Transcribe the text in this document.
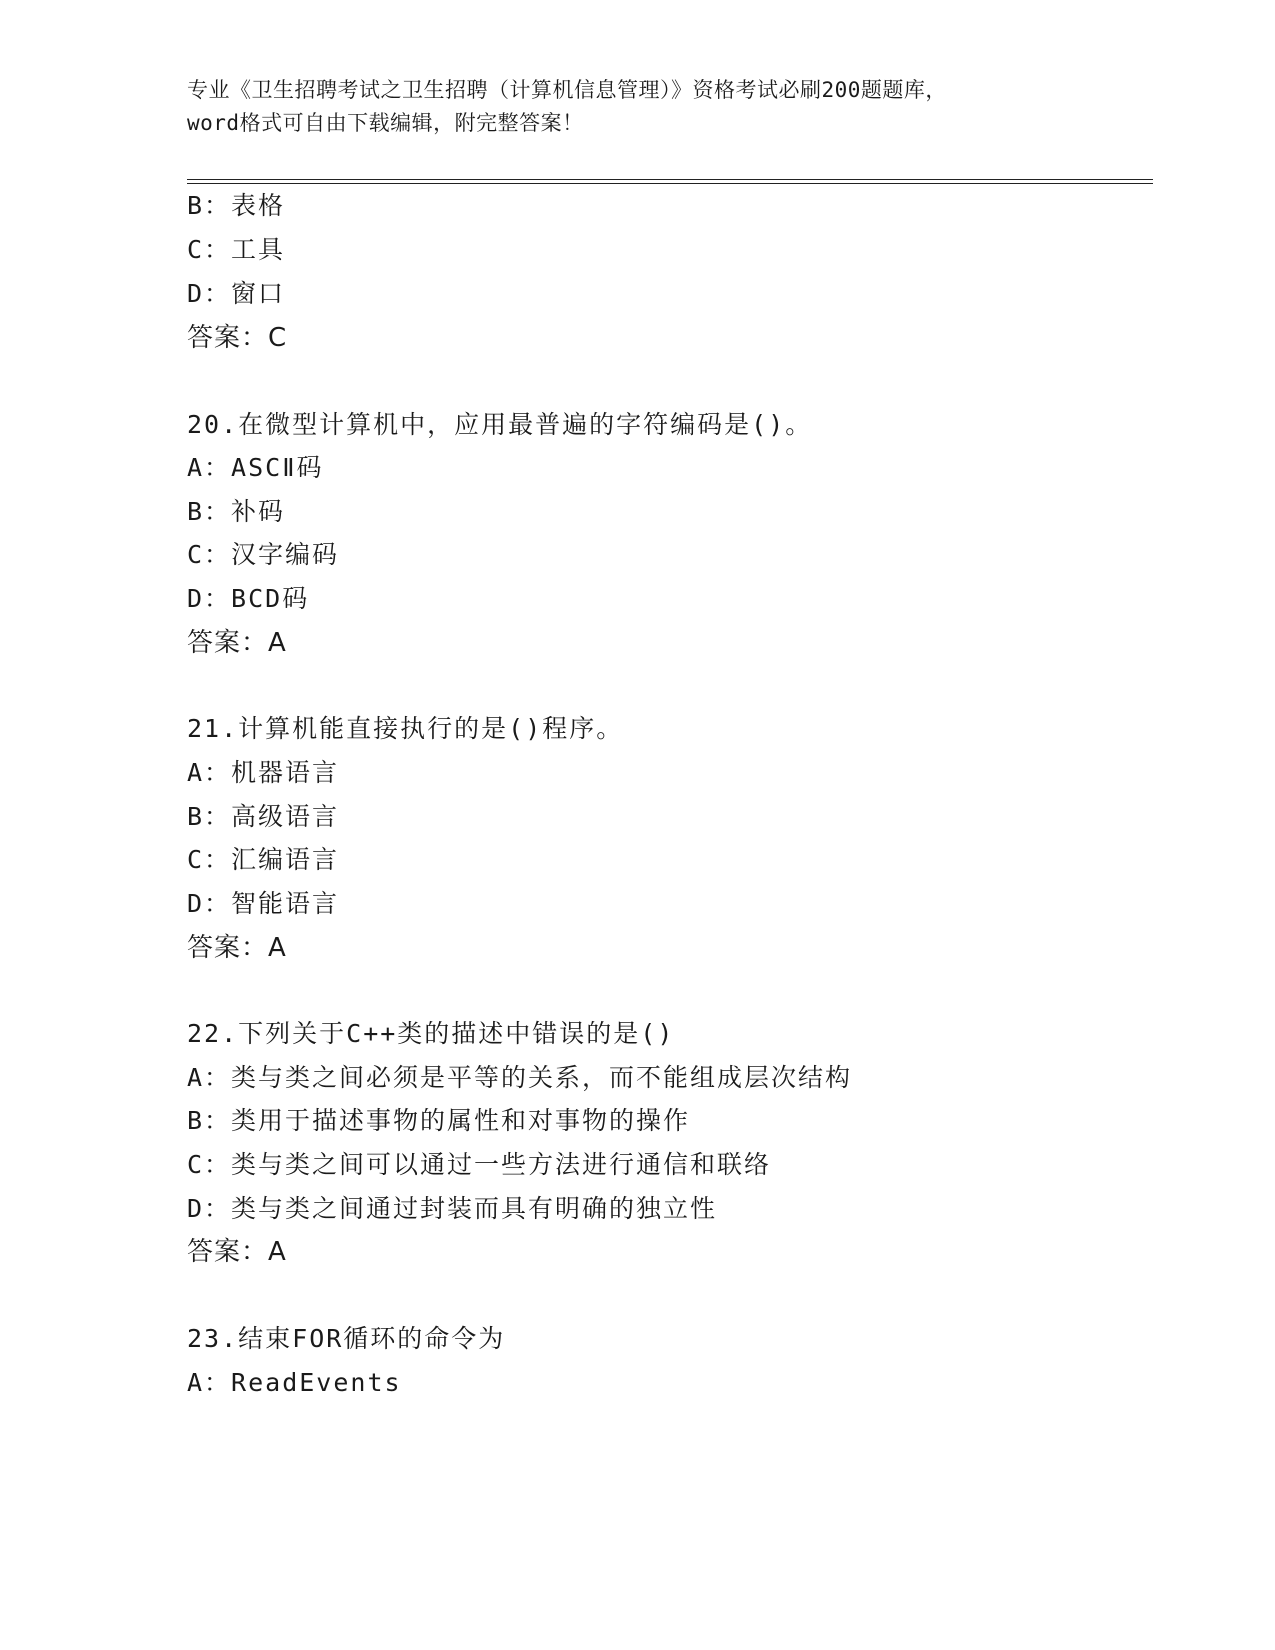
专业《卫生招聘考试之卫生招聘（计算机信息管理）》资格考试必刷200题题库，
word格式可自由下载编辑，附完整答案！
B：表格
C：工具
D：窗口
答案：C
20.在微型计算机中，应用最普遍的字符编码是()。
A：ASCⅡ码
B：补码
C：汉字编码
D：BCD码
答案：A
21.计算机能直接执行的是()程序。
A：机器语言
B：高级语言
C：汇编语言
D：智能语言
答案：A
22.下列关于C++类的描述中错误的是()
A：类与类之间必须是平等的关系，而不能组成层次结构
B：类用于描述事物的属性和对事物的操作
C：类与类之间可以通过一些方法进行通信和联络
D：类与类之间通过封装而具有明确的独立性
答案：A
23.结束FOR循环的命令为
A：ReadEvents
